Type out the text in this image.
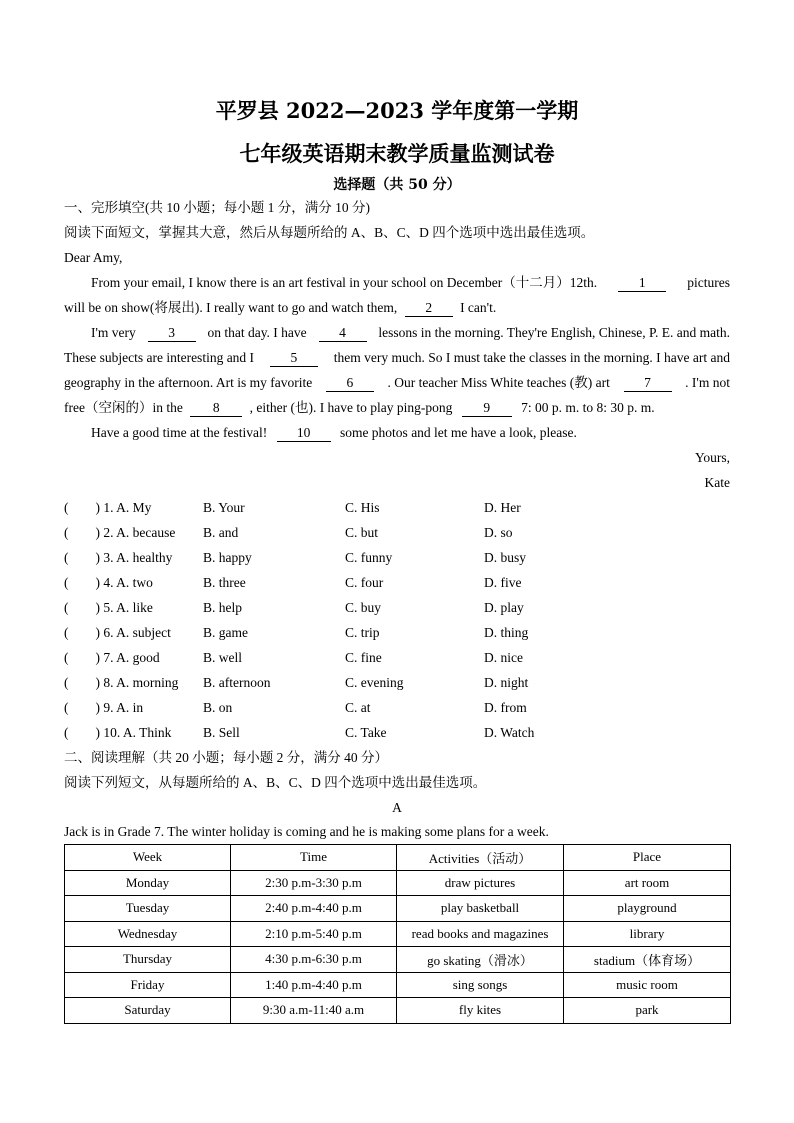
平罗县 2022—2023 学年度第一学期
七年级英语期末教学质量监测试卷
选择题（共 50 分）
一、完形填空(共 10 小题；每小题 1 分，满分 10 分)
阅读下面短文，掌握其大意，然后从每题所给的 A、B、C、D 四个选项中选出最佳选项。
Dear Amy,
From your email, I know there is an art festival in your school on December（十二月）12th.	1	pictures
will be on show(将展出). I really want to go and watch them, 2 I can't.
I'm very	3	on that day. I have	4	lessons in the morning. They're English, Chinese, P. E. and math.
These subjects are interesting and I	5	them very much. So I must take the classes in the morning. I have art and
geography in the afternoon. Art is my favorite	6	. Our teacher Miss White teaches (教) art	7	. I'm not
free（空闲的）in the 8 , either (也). I have to play ping-pong 9 7: 00 p. m. to 8: 30 p. m.
Have a good time at the festival! 10 some photos and let me have a look, please.
Yours,
Kate
(　　) 1. A. My	B. Your	C. His	D. Her
(　　) 2. A. because B. and	C. but	D. so
(　　) 3. A. healthy B. happy	C. funny	D. busy
(　　) 4. A. two	B. three	C. four	D. five
(　　) 5. A. like	B. help	C. buy	D. play
(　　) 6. A. subject B. game	C. trip	D. thing
(　　) 7. A. good	B. well	C. fine	D. nice
(　　) 8. A. morning B. afternoon	C. evening	D. night
(　　) 9. A. in	B. on	C. at	D. from
(　　) 10. A. Think B. Sell	C. Take	D. Watch
二、阅读理解（共 20 小题；每小题 2 分，满分 40 分）
阅读下列短文，从每题所给的 A、B、C、D 四个选项中选出最佳选项。
A
Jack is in Grade 7. The winter holiday is coming and he is making some plans for a week.
Week	Time	Activities（活动）	Place
Monday	2:30 p.m-3:30 p.m	draw pictures	art room
Tuesday	2:40 p.m-4:40 p.m	play basketball	playground
Wednesday	2:10 p.m-5:40 p.m	read books and magazines	library
Thursday	4:30 p.m-6:30 p.m	go skating（滑冰）	stadium（体育场）
Friday	1:40 p.m-4:40 p.m	sing songs	music room
Saturday	9:30 a.m-11:40 a.m	fly kites	park
